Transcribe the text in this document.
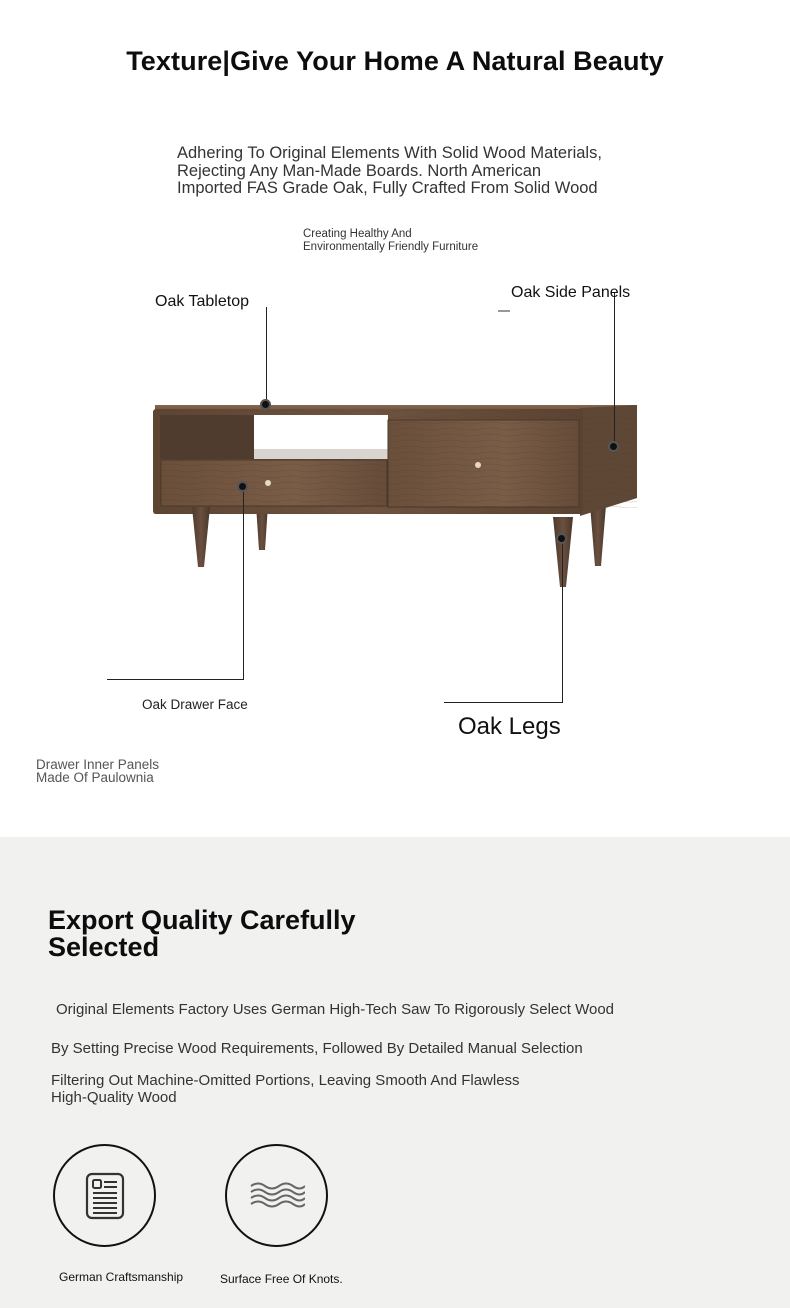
Texture|Give Your Home A Natural Beauty

Adhering To Original Elements With Solid Wood Materials, Rejecting Any Man-Made Boards. North American Imported FAS Grade Oak, Fully Crafted From Solid Wood

Creating Healthy And
Environmentally Friendly Furniture
Oak Tabletop
Oak Side Panels
Oak Drawer Face
Oak Legs
Drawer Inner Panels
Made Of Paulownia
Export Quality Carefully
Selected

Original Elements Factory Uses German High-Tech Saw To Rigorously Select Wood

By Setting Precise Wood Requirements, Followed By Detailed Manual Selection

Filtering Out Machine-Omitted Portions, Leaving Smooth And Flawless

High-Quality Wood

German Craftsmanship	Surface Free Of Knots.
